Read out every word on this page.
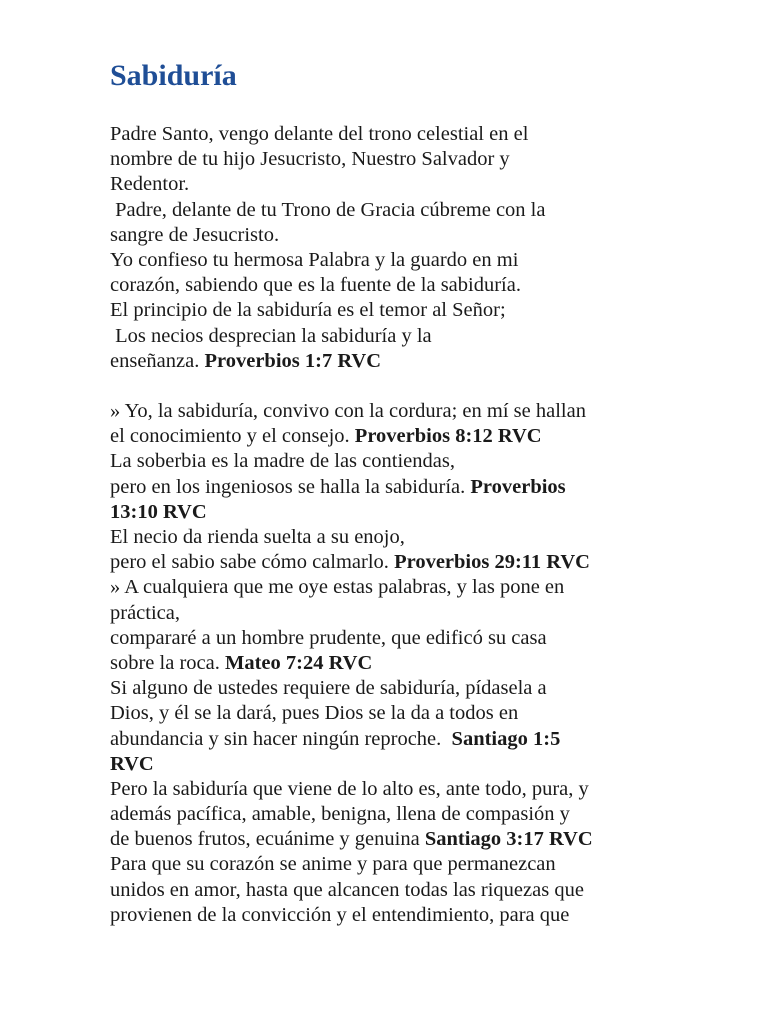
Sabiduría
Padre Santo, vengo delante del trono celestial en el
nombre de tu hijo Jesucristo, Nuestro Salvador y
Redentor.
Padre, delante de tu Trono de Gracia cúbreme con la
sangre de Jesucristo.
Yo confieso tu hermosa Palabra y la guardo en mi
corazón, sabiendo que es la fuente de la sabiduría.
El principio de la sabiduría es el temor al Señor;
Los necios desprecian la sabiduría y la
enseñanza. Proverbios 1:7 RVC
» Yo, la sabiduría, convivo con la cordura; en mí se hallan
el conocimiento y el consejo. Proverbios 8:12 RVC
La soberbia es la madre de las contiendas,
pero en los ingeniosos se halla la sabiduría. Proverbios
13:10 RVC
El necio da rienda suelta a su enojo,
pero el sabio sabe cómo calmarlo. Proverbios 29:11 RVC
» A cualquiera que me oye estas palabras, y las pone en
práctica,
compararé a un hombre prudente, que edificó su casa
sobre la roca. Mateo 7:24 RVC
Si alguno de ustedes requiere de sabiduría, pídasela a
Dios, y él se la dará, pues Dios se la da a todos en
abundancia y sin hacer ningún reproche.  Santiago 1:5
RVC
Pero la sabiduría que viene de lo alto es, ante todo, pura, y
además pacífica, amable, benigna, llena de compasión y
de buenos frutos, ecuánime y genuina Santiago 3:17 RVC
Para que su corazón se anime y para que permanezcan
unidos en amor, hasta que alcancen todas las riquezas que
provienen de la convicción y el entendimiento, para que
